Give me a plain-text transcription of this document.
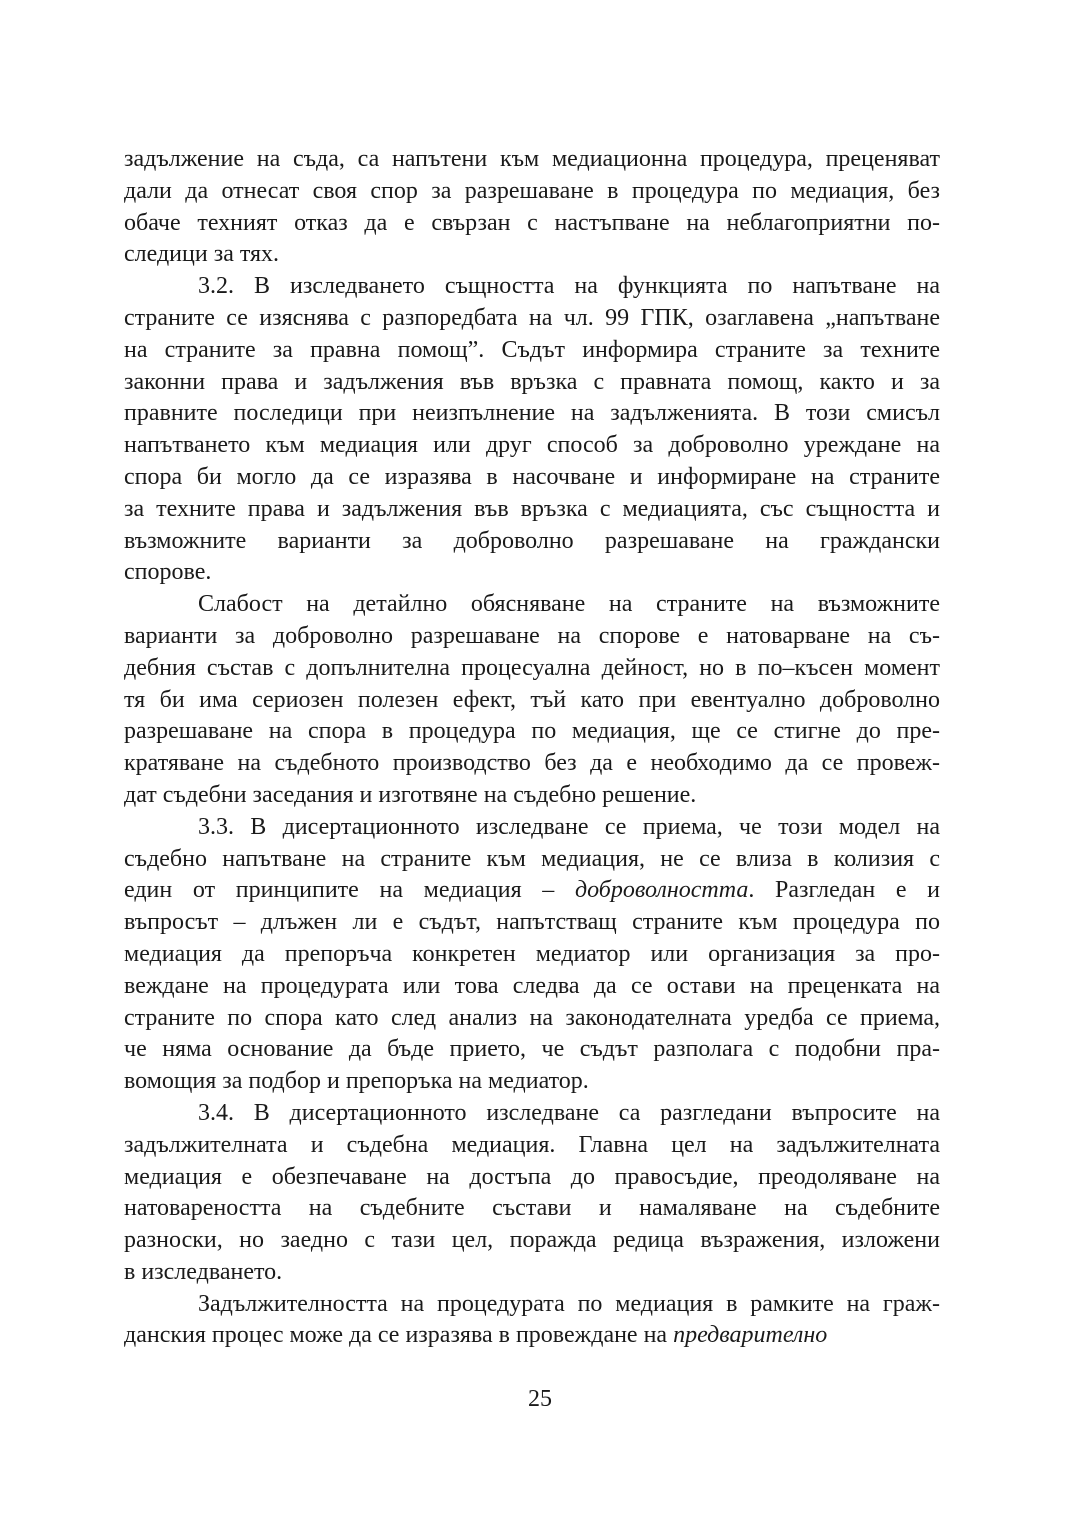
задължение на съда, са напътени към медиационна процедура, преценяват
дали да отнесат своя спор за разрешаване в процедура по медиация, без
обаче техният отказ да е свързан с настъпване на неблагоприятни по-
следици за тях.
3.2. В изследването същността на функцията по напътване на
страните се изяснява с разпоредбата на чл. 99 ГПК, озаглавена „напътване
на страните за правна помощ”. Съдът информира страните за техните
законни права и задължения във връзка с правната помощ, както и за
правните последици при неизпълнение на задълженията. В този смисъл
напътването към медиация или друг способ за доброволно уреждане на
спора би могло да се изразява в насочване и информиране на страните
за техните права и задължения във връзка с медиацията, със същността и
възможните варианти за доброволно разрешаване на граждански
спорове.
Слабост на детайлно обясняване на страните на възможните
варианти за доброволно разрешаване на спорове е натоварване на съ-
дебния състав с допълнителна процесуална дейност, но в по–късен момент
тя би има сериозен полезен ефект, тъй като при евентуално доброволно
разрешаване на спора в процедура по медиация, ще се стигне до пре-
кратяване на съдебното производство без да е необходимо да се провеж-
дат съдебни заседания и изготвяне на съдебно решение.
3.3. В дисертационното изследване се приема, че този модел на
съдебно напътване на страните към медиация, не се влиза в колизия с
един от принципите на медиация – доброволността. Разгледан е и
въпросът – длъжен ли е съдът, напътстващ страните към процедура по
медиация да препоръча конкретен медиатор или организация за про-
веждане на процедурата или това следва да се остави на преценката на
страните по спора като след анализ на законодателната уредба се приема,
че няма основание да бъде прието, че съдът разполага с подобни пра-
вомощия за подбор и препоръка на медиатор.
3.4. В дисертационното изследване са разгледани въпросите на
задължителната и съдебна медиация. Главна цел на задължителната
медиация е обезпечаване на достъпа до правосъдие, преодоляване на
натовареността на съдебните състави и намаляване на съдебните
разноски, но заедно с тази цел, поражда редица възражения, изложени
в изследването.
Задължителността на процедурата по медиация в рамките на граж-
данския процес може да се изразява в провеждане на предварително
25
